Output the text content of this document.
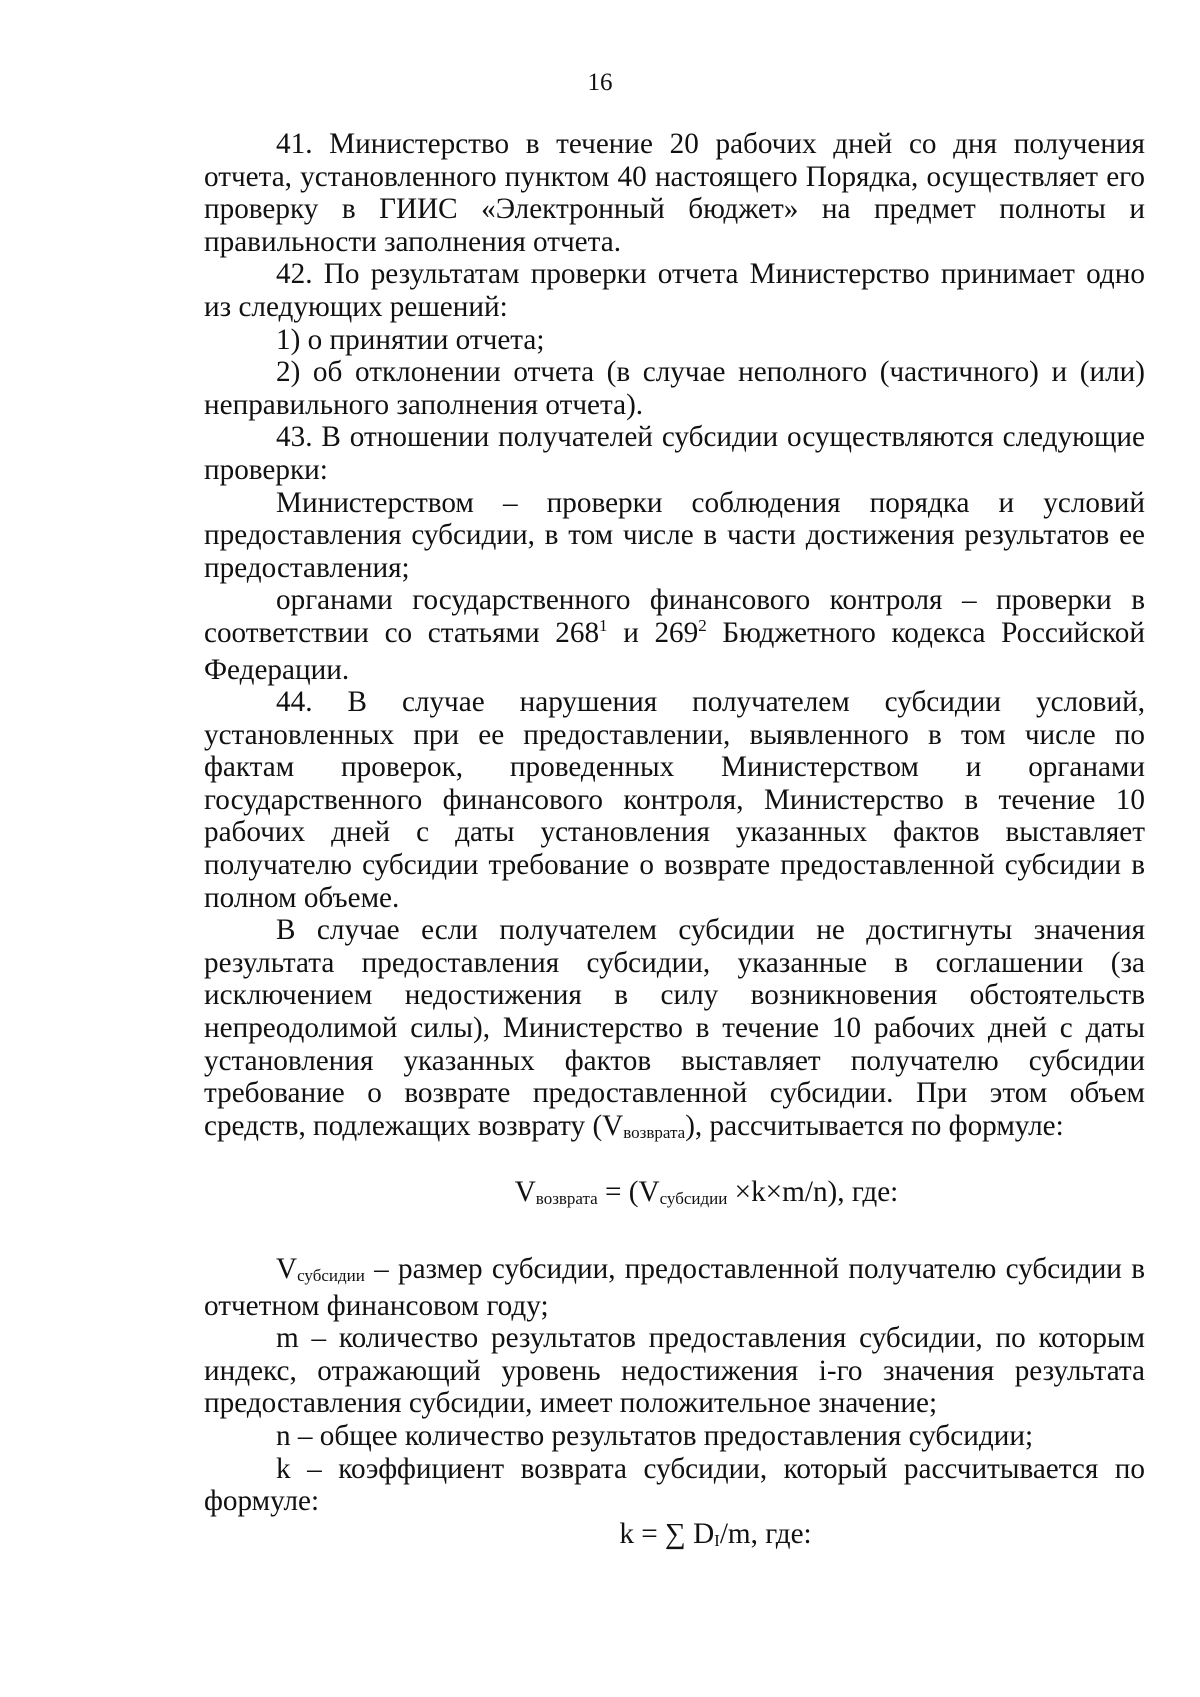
16

41. Министерство в течение 20 рабочих дней со дня получения отчета, установленного пунктом 40 настоящего Порядка, осуществляет его проверку в ГИИС «Электронный бюджет» на предмет полноты и правильности заполнения отчета.

42. По результатам проверки отчета Министерство принимает одно из следующих решений:

1) о принятии отчета;

2) об отклонении отчета (в случае неполного (частичного) и (или) неправильного заполнения отчета).

43. В отношении получателей субсидии осуществляются следующие проверки:

Министерством – проверки соблюдения порядка и условий предоставления субсидии, в том числе в части достижения результатов ее предоставления;

органами государственного финансового контроля – проверки в соответствии со статьями $268^1$ и $269^2$ Бюджетного кодекса Российской Федерации.

44. В случае нарушения получателем субсидии условий, установленных при ее предоставлении, выявленного в том числе по фактам проверок, проведенных Министерством и органами государственного финансового контроля, Министерство в течение 10 рабочих дней с даты установления указанных фактов выставляет получателю субсидии требование о возврате предоставленной субсидии в полном объеме.

В случае если получателем субсидии не достигнуты значения результата предоставления субсидии, указанные в соглашении (за исключением недостижения в силу возникновения обстоятельств непреодолимой силы), Министерство в течение 10 рабочих дней с даты установления указанных фактов выставляет получателю субсидии требование о возврате предоставленной субсидии. При этом объем средств, подлежащих возврату (Vвозврата), рассчитывается по формуле:

Vвозврата = (Vсубсидии ×k×m/n), где:

Vсубсидии – размер субсидии, предоставленной получателю субсидии в отчетном финансовом году;

m – количество результатов предоставления субсидии, по которым индекс, отражающий уровень недостижения i-го значения результата предоставления субсидии, имеет положительное значение;

n – общее количество результатов предоставления субсидии;

k – коэффициент возврата субсидии, который рассчитывается по формуле:

k = ∑ DI/m, где:
